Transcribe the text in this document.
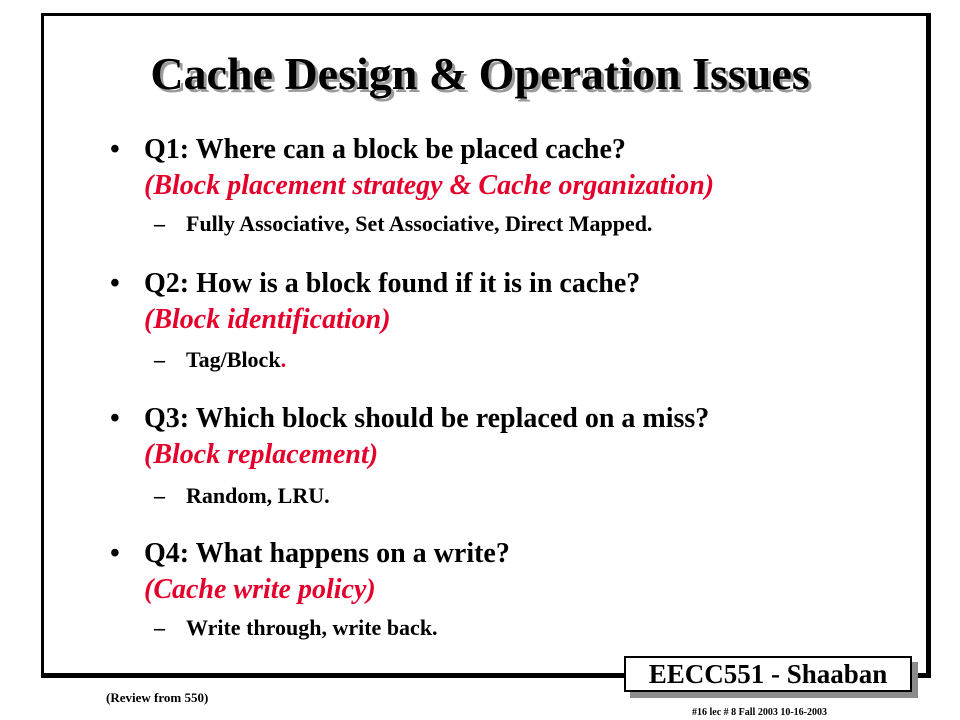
Cache Design & Operation Issues
• Q1: Where can a block be placed cache?
(Block placement strategy & Cache organization)
– Fully Associative, Set Associative, Direct Mapped.
• Q2: How is a block found if it is in cache?
(Block identification)
– Tag/Block.
• Q3: Which block should be replaced on a miss?
(Block replacement)
– Random, LRU.
• Q4: What happens on a write?
(Cache write policy)
– Write through, write back.
EECC551 - Shaaban
(Review from 550)
#16 lec # 8 Fall 2003 10-16-2003
